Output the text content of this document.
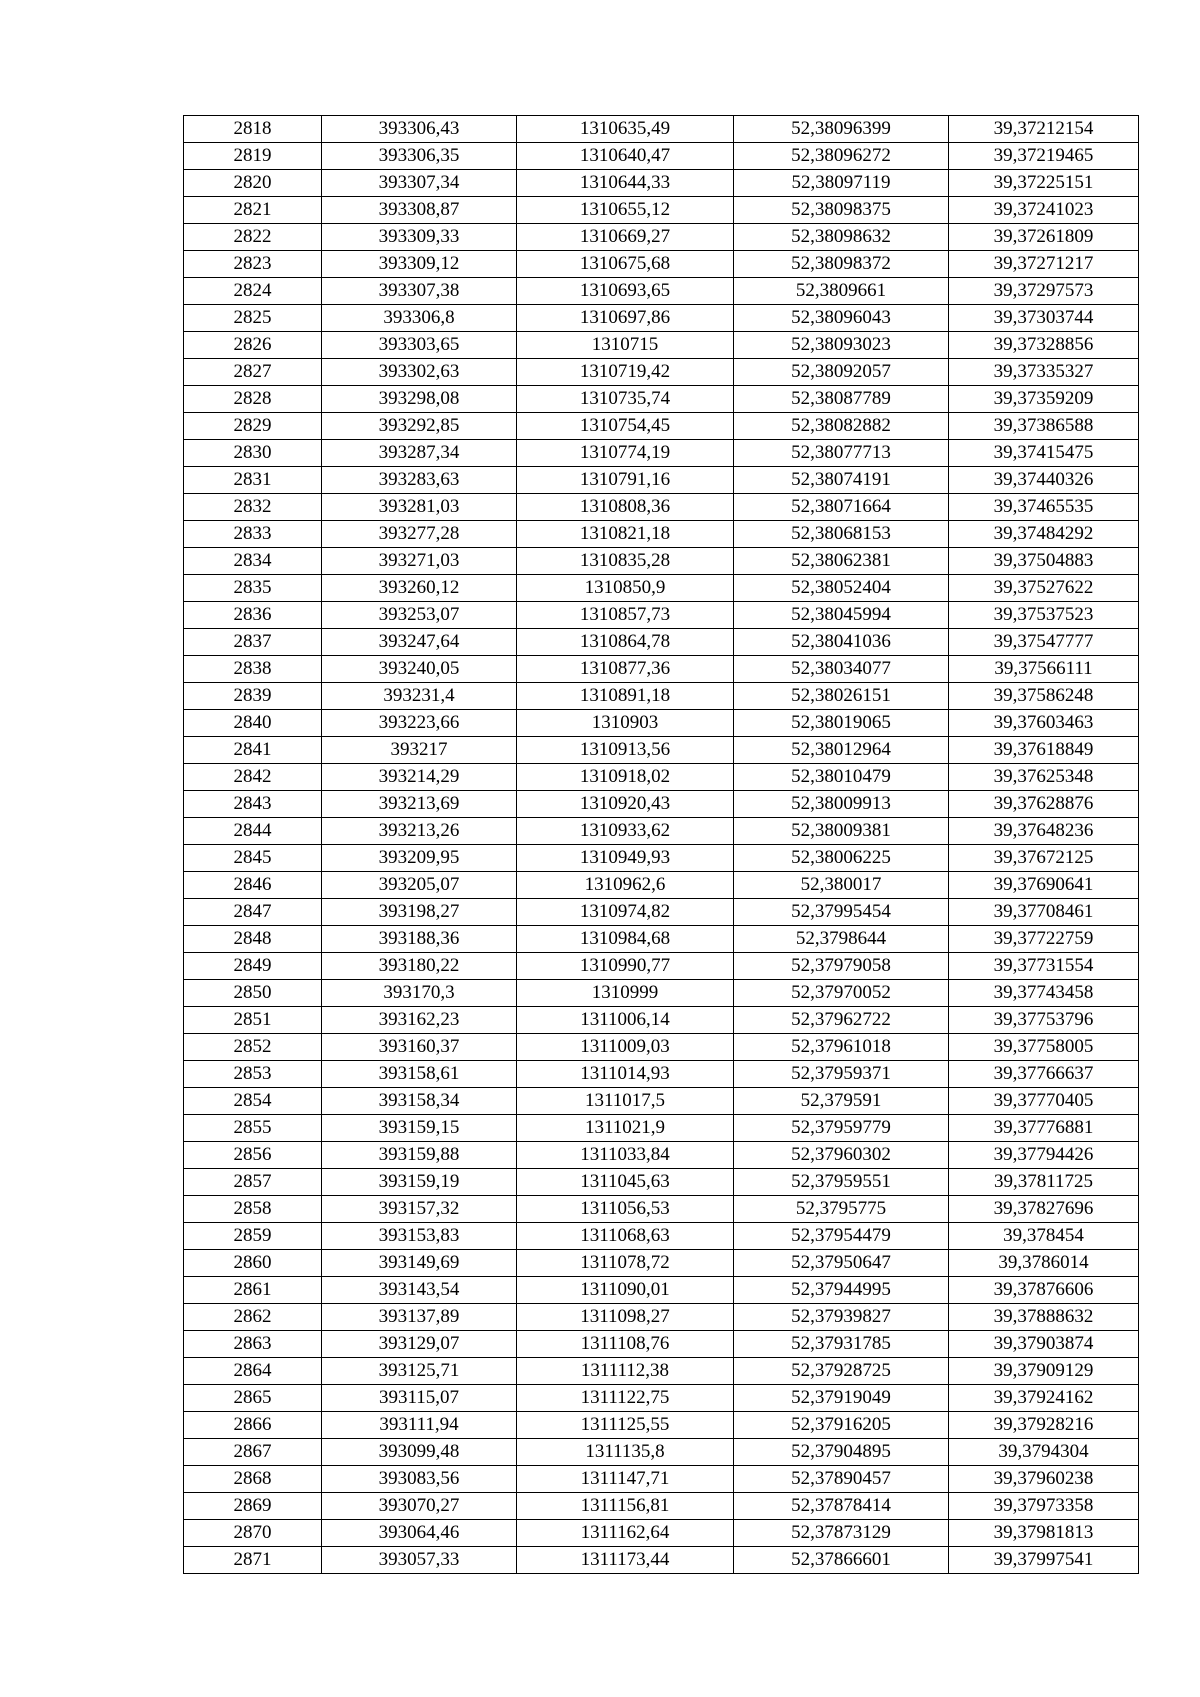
2818	393306,43	1310635,49	52,38096399	39,37212154
2819	393306,35	1310640,47	52,38096272	39,37219465
2820	393307,34	1310644,33	52,38097119	39,37225151
2821	393308,87	1310655,12	52,38098375	39,37241023
2822	393309,33	1310669,27	52,38098632	39,37261809
2823	393309,12	1310675,68	52,38098372	39,37271217
2824	393307,38	1310693,65	52,3809661	39,37297573
2825	393306,8	1310697,86	52,38096043	39,37303744
2826	393303,65	1310715	52,38093023	39,37328856
2827	393302,63	1310719,42	52,38092057	39,37335327
2828	393298,08	1310735,74	52,38087789	39,37359209
2829	393292,85	1310754,45	52,38082882	39,37386588
2830	393287,34	1310774,19	52,38077713	39,37415475
2831	393283,63	1310791,16	52,38074191	39,37440326
2832	393281,03	1310808,36	52,38071664	39,37465535
2833	393277,28	1310821,18	52,38068153	39,37484292
2834	393271,03	1310835,28	52,38062381	39,37504883
2835	393260,12	1310850,9	52,38052404	39,37527622
2836	393253,07	1310857,73	52,38045994	39,37537523
2837	393247,64	1310864,78	52,38041036	39,37547777
2838	393240,05	1310877,36	52,38034077	39,37566111
2839	393231,4	1310891,18	52,38026151	39,37586248
2840	393223,66	1310903	52,38019065	39,37603463
2841	393217	1310913,56	52,38012964	39,37618849
2842	393214,29	1310918,02	52,38010479	39,37625348
2843	393213,69	1310920,43	52,38009913	39,37628876
2844	393213,26	1310933,62	52,38009381	39,37648236
2845	393209,95	1310949,93	52,38006225	39,37672125
2846	393205,07	1310962,6	52,380017	39,37690641
2847	393198,27	1310974,82	52,37995454	39,37708461
2848	393188,36	1310984,68	52,3798644	39,37722759
2849	393180,22	1310990,77	52,37979058	39,37731554
2850	393170,3	1310999	52,37970052	39,37743458
2851	393162,23	1311006,14	52,37962722	39,37753796
2852	393160,37	1311009,03	52,37961018	39,37758005
2853	393158,61	1311014,93	52,37959371	39,37766637
2854	393158,34	1311017,5	52,379591	39,37770405
2855	393159,15	1311021,9	52,37959779	39,37776881
2856	393159,88	1311033,84	52,37960302	39,37794426
2857	393159,19	1311045,63	52,37959551	39,37811725
2858	393157,32	1311056,53	52,3795775	39,37827696
2859	393153,83	1311068,63	52,37954479	39,378454
2860	393149,69	1311078,72	52,37950647	39,3786014
2861	393143,54	1311090,01	52,37944995	39,37876606
2862	393137,89	1311098,27	52,37939827	39,37888632
2863	393129,07	1311108,76	52,37931785	39,37903874
2864	393125,71	1311112,38	52,37928725	39,37909129
2865	393115,07	1311122,75	52,37919049	39,37924162
2866	393111,94	1311125,55	52,37916205	39,37928216
2867	393099,48	1311135,8	52,37904895	39,3794304
2868	393083,56	1311147,71	52,37890457	39,37960238
2869	393070,27	1311156,81	52,37878414	39,37973358
2870	393064,46	1311162,64	52,37873129	39,37981813
2871	393057,33	1311173,44	52,37866601	39,37997541
